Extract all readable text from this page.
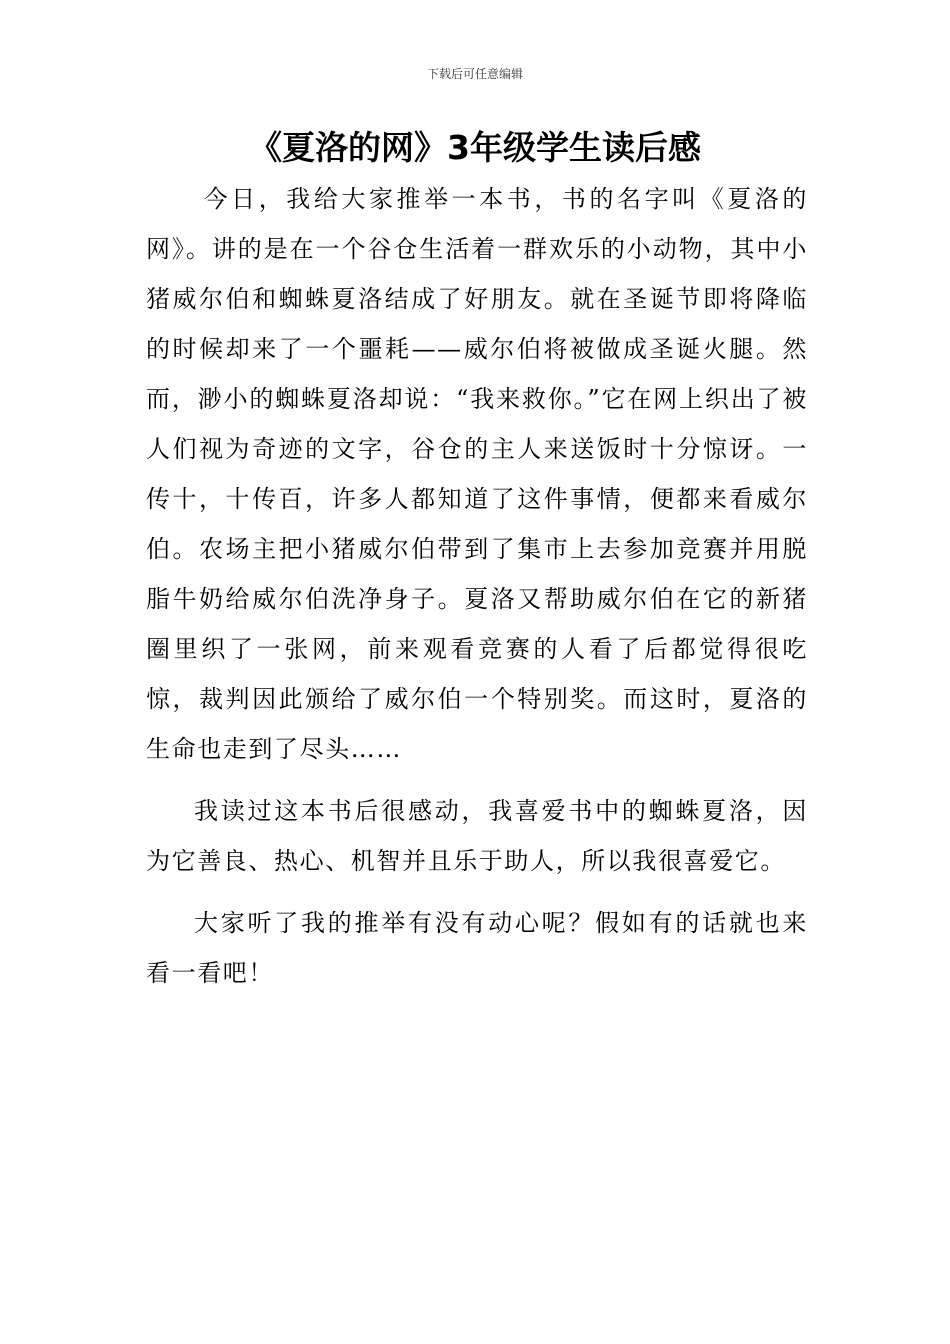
下载后可任意编辑
《夏洛的网》3年级学生读后感

今日，我给大家推举一本书，书的名字叫《夏洛的网》。讲的是在一个谷仓生活着一群欢乐的小动物，其中小猪威尔伯和蜘蛛夏洛结成了好朋友。就在圣诞节即将降临的时候却来了一个噩耗——威尔伯将被做成圣诞火腿。然而，渺小的蜘蛛夏洛却说：“我来救你。”它在网上织出了被人们视为奇迹的文字，谷仓的主人来送饭时十分惊讶。一传十，十传百，许多人都知道了这件事情，便都来看威尔伯。农场主把小猪威尔伯带到了集市上去参加竞赛并用脱脂牛奶给威尔伯洗净身子。夏洛又帮助威尔伯在它的新猪圈里织了一张网，前来观看竞赛的人看了后都觉得很吃惊，裁判因此颁给了威尔伯一个特别奖。而这时，夏洛的生命也走到了尽头……

我读过这本书后很感动，我喜爱书中的蜘蛛夏洛，因为它善良、热心、机智并且乐于助人，所以我很喜爱它。

大家听了我的推举有没有动心呢？假如有的话就也来看一看吧！
